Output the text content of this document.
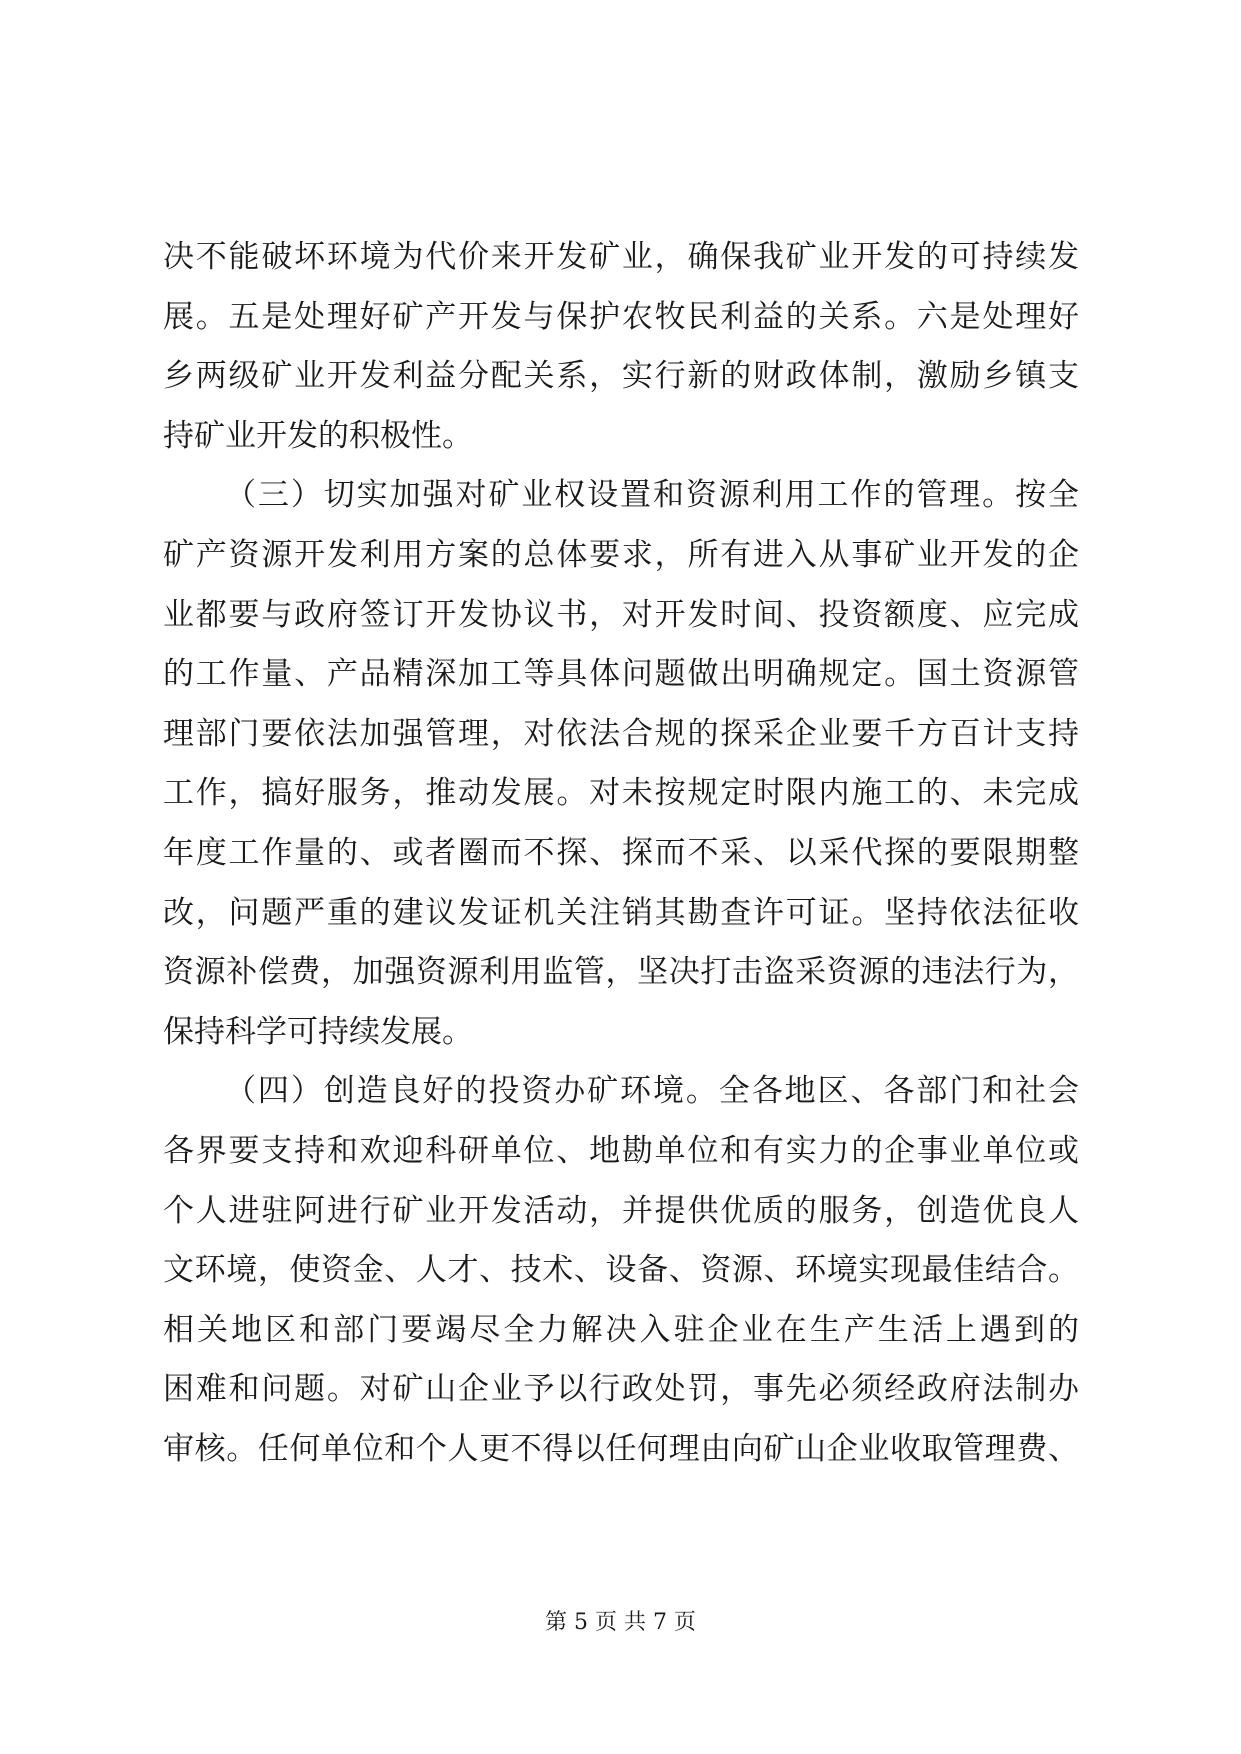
决不能破坏环境为代价来开发矿业，确保我矿业开发的可持续发
展。五是处理好矿产开发与保护农牧民利益的关系。六是处理好
乡两级矿业开发利益分配关系，实行新的财政体制，激励乡镇支
持矿业开发的积极性。
（三）切实加强对矿业权设置和资源利用工作的管理。按全
矿产资源开发利用方案的总体要求，所有进入从事矿业开发的企
业都要与政府签订开发协议书，对开发时间、投资额度、应完成
的工作量、产品精深加工等具体问题做出明确规定。国土资源管
理部门要依法加强管理，对依法合规的探采企业要千方百计支持
工作，搞好服务，推动发展。对未按规定时限内施工的、未完成
年度工作量的、或者圈而不探、探而不采、以采代探的要限期整
改，问题严重的建议发证机关注销其勘查许可证。坚持依法征收
资源补偿费，加强资源利用监管，坚决打击盗采资源的违法行为，
保持科学可持续发展。
（四）创造良好的投资办矿环境。全各地区、各部门和社会
各界要支持和欢迎科研单位、地勘单位和有实力的企事业单位或
个人进驻阿进行矿业开发活动，并提供优质的服务，创造优良人
文环境，使资金、人才、技术、设备、资源、环境实现最佳结合。
相关地区和部门要竭尽全力解决入驻企业在生产生活上遇到的
困难和问题。对矿山企业予以行政处罚，事先必须经政府法制办
审核。任何单位和个人更不得以任何理由向矿山企业收取管理费、
第 5 页 共 7 页
